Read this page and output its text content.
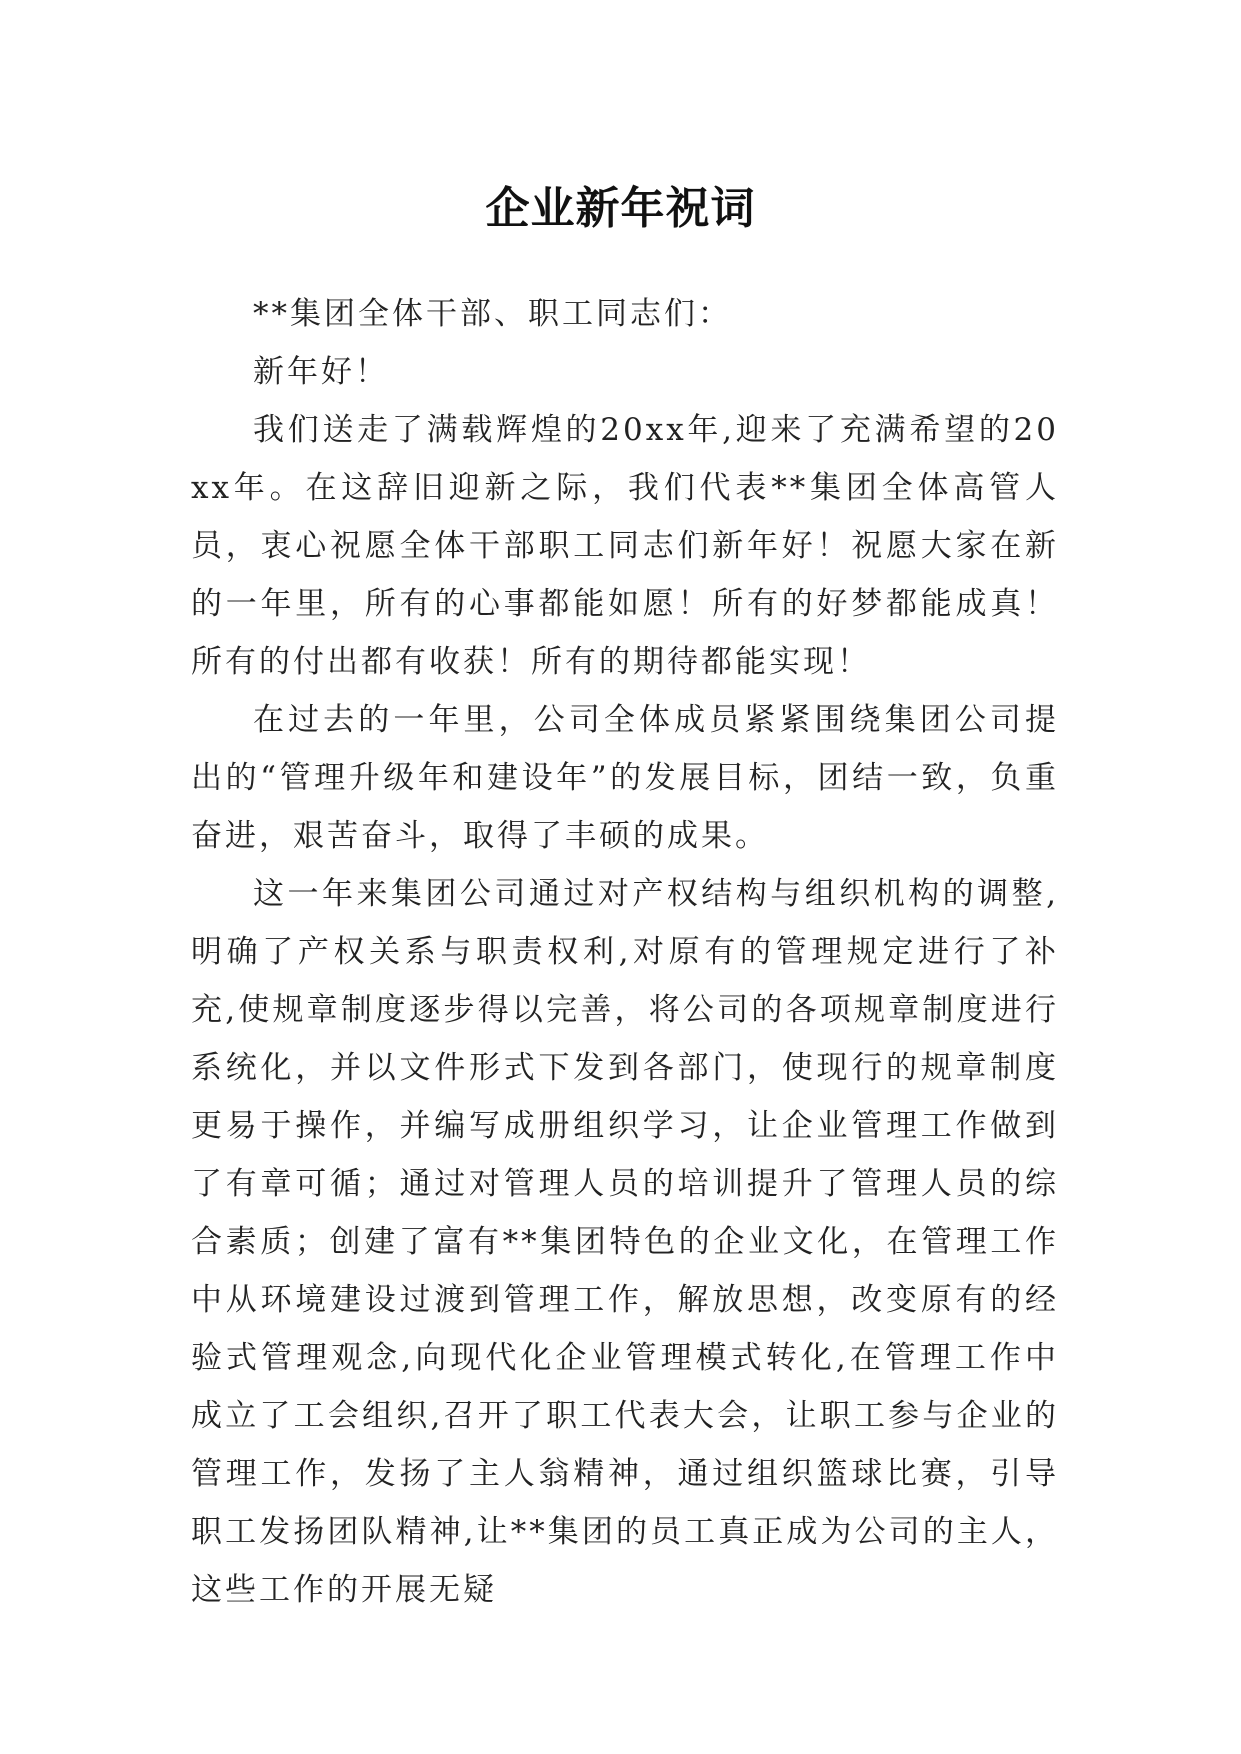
企业新年祝词

**集团全体干部、职工同志们：

新年好！

我们送走了满载辉煌的20xx年,迎来了充满希望的20xx年。在这辞旧迎新之际，我们代表**集团全体高管人员，衷心祝愿全体干部职工同志们新年好！祝愿大家在新的一年里，所有的心事都能如愿！所有的好梦都能成真！所有的付出都有收获！所有的期待都能实现！

在过去的一年里，公司全体成员紧紧围绕集团公司提出的“管理升级年和建设年”的发展目标，团结一致，负重奋进，艰苦奋斗，取得了丰硕的成果。

这一年来集团公司通过对产权结构与组织机构的调整,明确了产权关系与职责权利,对原有的管理规定进行了补充,使规章制度逐步得以完善，将公司的各项规章制度进行系统化，并以文件形式下发到各部门，使现行的规章制度更易于操作，并编写成册组织学习，让企业管理工作做到了有章可循；通过对管理人员的培训提升了管理人员的综合素质；创建了富有**集团特色的企业文化，在管理工作中从环境建设过渡到管理工作，解放思想，改变原有的经验式管理观念,向现代化企业管理模式转化,在管理工作中成立了工会组织,召开了职工代表大会，让职工参与企业的管理工作，发扬了主人翁精神，通过组织篮球比赛，引导职工发扬团队精神,让**集团的员工真正成为公司的主人，这些工作的开展无疑
